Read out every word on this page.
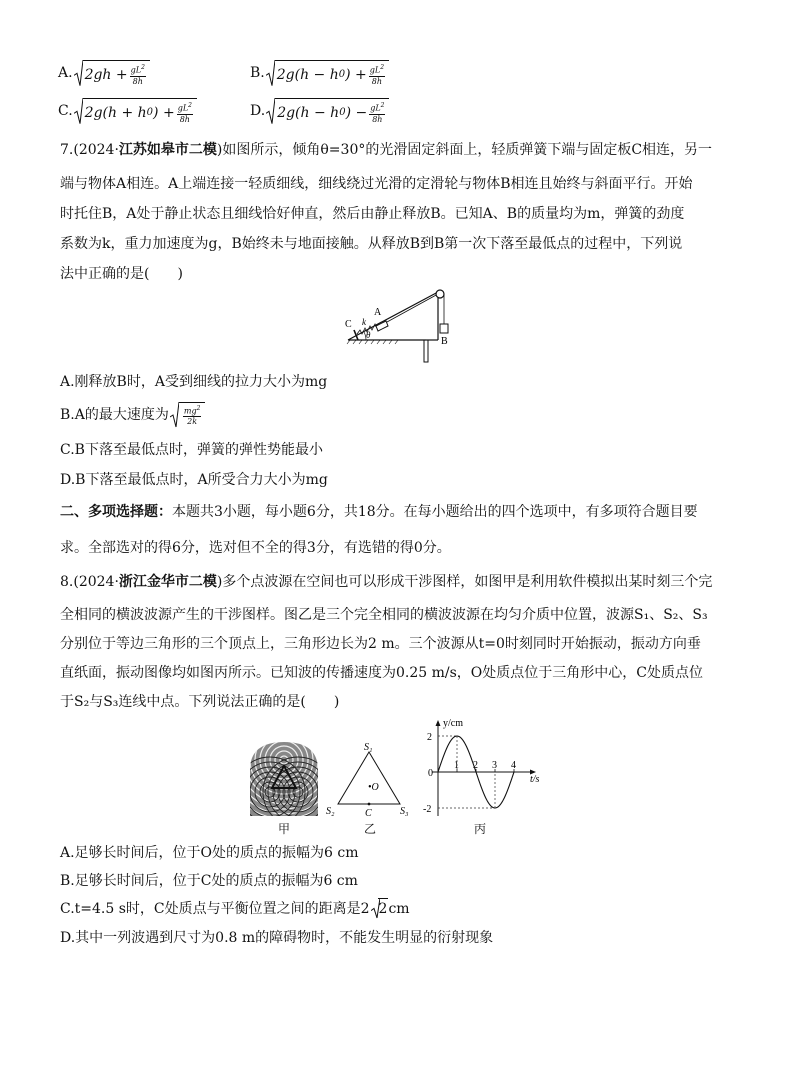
A. $2gh + \frac{gL^2}{8h}$	B. 2g(h − h 0 ) + $\frac{gL^2}{8h}$
C. 2g(h + h 0 ) + $\frac{gL^2}{8h}$	D. 2g(h − h 0 ) − $\frac{gL^2}{8h}$
7.(2024·江苏如皋市二模)如图所示，倾角θ=30°的光滑固定斜面上，轻质弹簧下端与固定板C相连，另一
端与物体A相连。A上端连接一轻质细线，细线绕过光滑的定滑轮与物体B相连且始终与斜面平行。开始
时托住B，A处于静止状态且细线恰好伸直，然后由静止释放B。已知A、B的质量均为m，弹簧的劲度
系数为k，重力加速度为g，B始终未与地面接触。从释放B到B第一次下落至最低点的过程中，下列说
法中正确的是(　　)
C k
A
B
θ
A.刚释放B时，A受到细线的拉力大小为mg
B.A的最大速度为 $\frac{mg^2}{2k}$
C.B下落至最低点时，弹簧的弹性势能最小
D.B下落至最低点时，A所受合力大小为mg
二、多项选择题：本题共3小题，每小题6分，共18分。在每小题给出的四个选项中，有多项符合题目要
求。全部选对的得6分，选对但不全的得3分，有选错的得0分。
8.(2024·浙江金华市二模)多个点波源在空间也可以形成干涉图样，如图甲是利用软件模拟出某时刻三个完
全相同的横波波源产生的干涉图样。图乙是三个完全相同的横波波源在均匀介质中位置，波源S₁、S₂、S₃
分别位于等边三角形的三个顶点上，三角形边长为2 m。三个波源从t=0时刻同时开始振动，振动方向垂
直纸面，振动图像均如图丙所示。已知波的传播速度为0.25 m/s，O处质点位于三角形中心，C处质点位
于S₂与S₃连线中点。下列说法正确的是(　　)
S₁
S₂	S₃
•O
C
y/cm
t/s
0
1 2 3 4
2
-2
甲	乙	丙
A.足够长时间后，位于O处的质点的振幅为6 cm
B.足够长时间后，位于C处的质点的振幅为6 cm
C.t=4.5 s时，C处质点与平衡位置之间的距离是2 2 cm
D.其中一列波遇到尺寸为0.8 m的障碍物时，不能发生明显的衍射现象
